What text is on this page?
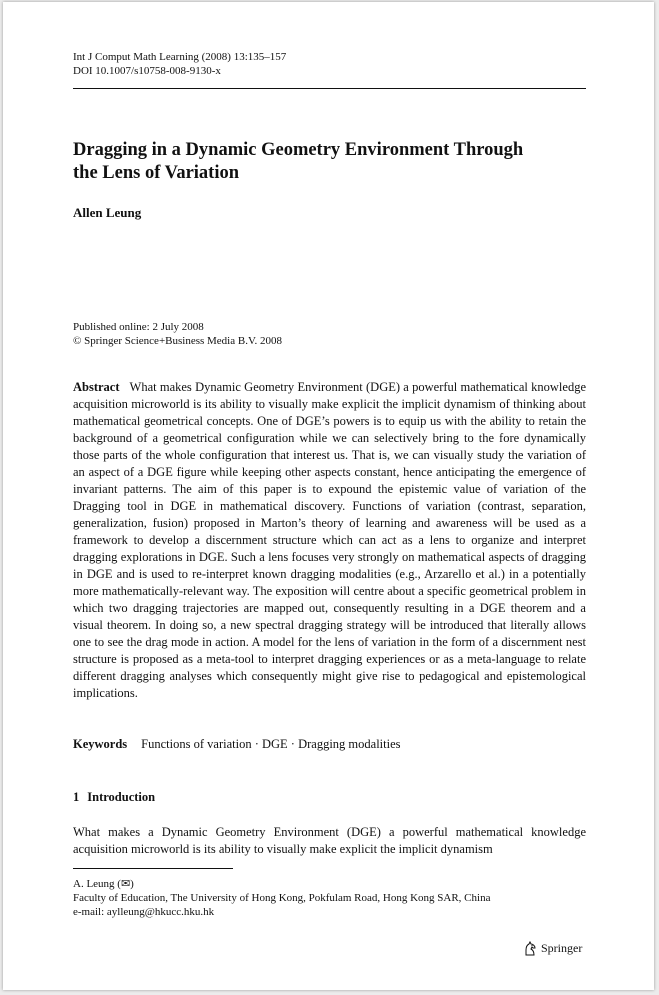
Int J Comput Math Learning (2008) 13:135–157
DOI 10.1007/s10758-008-9130-x
Dragging in a Dynamic Geometry Environment Through
the Lens of Variation
Allen Leung
Published online: 2 July 2008
© Springer Science+Business Media B.V. 2008

Abstract What makes Dynamic Geometry Environment (DGE) a powerful mathematical knowledge acquisition microworld is its ability to visually make explicit the implicit dynamism of thinking about mathematical geometrical concepts. One of DGE’s powers is to equip us with the ability to retain the background of a geometrical configuration while we can selectively bring to the fore dynamically those parts of the whole configuration that interest us. That is, we can visually study the variation of an aspect of a DGE figure while keeping other aspects constant, hence anticipating the emergence of invariant patterns. The aim of this paper is to expound the epistemic value of variation of the Dragging tool in DGE in mathematical discovery. Functions of variation (contrast, separation, generalization, fusion) proposed in Marton’s theory of learning and awareness will be used as a framework to develop a discernment structure which can act as a lens to organize and interpret dragging explorations in DGE. Such a lens focuses very strongly on mathematical aspects of dragging in DGE and is used to re-interpret known dragging modalities (e.g., Arzarello et al.) in a potentially more mathematically-relevant way. The exposition will centre about a specific geometrical problem in which two dragging trajectories are mapped out, consequently resulting in a DGE theorem and a visual theorem. In doing so, a new spectral dragging strategy will be introduced that literally allows one to see the drag mode in action. A model for the lens of variation in the form of a discernment nest structure is proposed as a meta-tool to interpret dragging experiences or as a meta-language to relate different dragging analyses which consequently might give rise to pedagogical and epistemological implications.

Keywords Functions of variation · DGE · Dragging modalities

1 Introduction

What makes a Dynamic Geometry Environment (DGE) a powerful mathematical knowledge acquisition microworld is its ability to visually make explicit the implicit dynamism

A. Leung (✉)
Faculty of Education, The University of Hong Kong, Pokfulam Road, Hong Kong SAR, China
e-mail: aylleung@hkucc.hku.hk
Springer
